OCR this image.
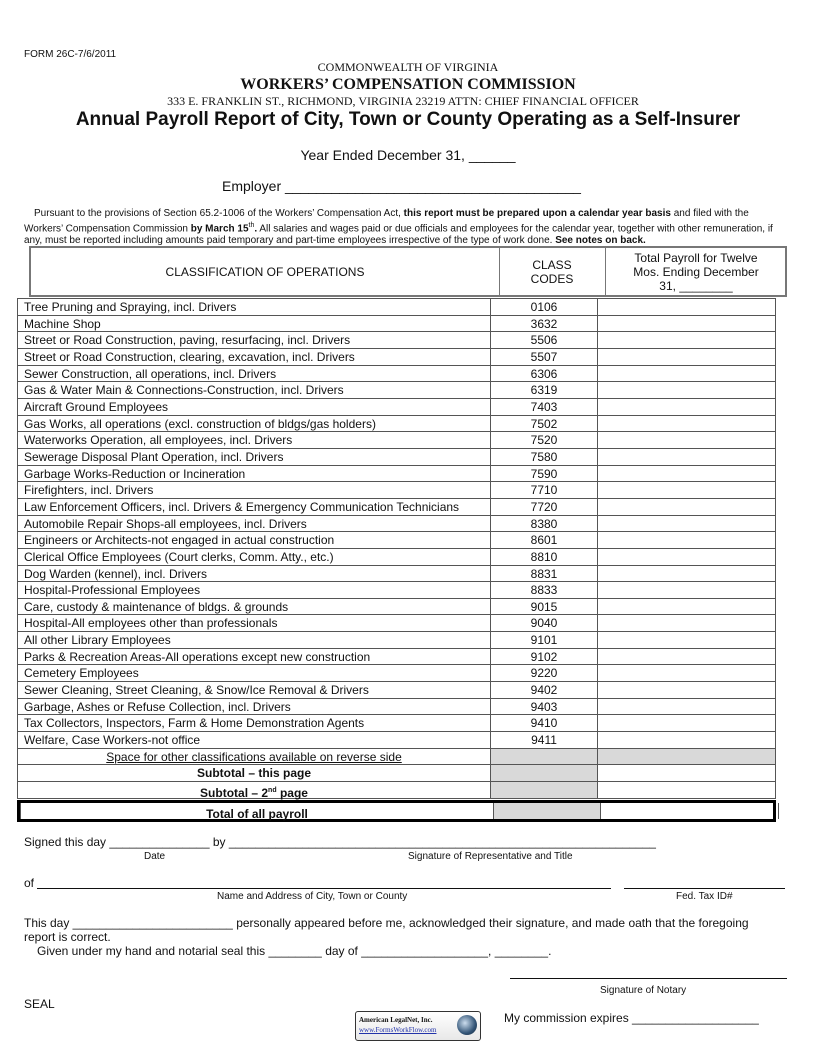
FORM 26C-7/6/2011
COMMONWEALTH OF VIRGINIA
WORKERS’ COMPENSATION COMMISSION
333 E. FRANKLIN ST., RICHMOND, VIRGINIA 23219 ATTN: CHIEF FINANCIAL OFFICER
Annual Payroll Report of City, Town or County Operating as a Self-Insurer
Year Ended December 31, ______
Employer ______________________________________
Pursuant to the provisions of Section 65.2-1006 of the Workers’ Compensation Act, this report must be prepared upon a calendar year basis and filed with the Workers’ Compensation Commission by March 15th. All salaries and wages paid or due officials and employees for the calendar year, together with other remuneration, if any, must be reported including amounts paid temporary and part-time employees irrespective of the type of work done. See notes on back.
CLASSIFICATION OF OPERATIONS	CLASS CODES
Total Payroll for Twelve Mos. Ending December 31, ________
Tree Pruning and Spraying, incl. Drivers	0106
Machine Shop	3632
Street or Road Construction, paving, resurfacing, incl. Drivers	5506
Street or Road Construction, clearing, excavation, incl. Drivers	5507
Sewer Construction, all operations, incl. Drivers	6306
Gas & Water Main & Connections-Construction, incl. Drivers	6319
Aircraft Ground Employees	7403
Gas Works, all operations (excl. construction of bldgs/gas holders)	7502
Waterworks Operation, all employees, incl. Drivers	7520
Sewerage Disposal Plant Operation, incl. Drivers	7580
Garbage Works-Reduction or Incineration	7590
Firefighters, incl. Drivers	7710
Law Enforcement Officers, incl. Drivers & Emergency Communication Technicians	7720
Automobile Repair Shops-all employees, incl. Drivers	8380
Engineers or Architects-not engaged in actual construction	8601
Clerical Office Employees (Court clerks, Comm. Atty., etc.)	8810
Dog Warden (kennel), incl. Drivers	8831
Hospital-Professional Employees	8833
Care, custody & maintenance of bldgs. & grounds	9015
Hospital-All employees other than professionals	9040
All other Library Employees	9101
Parks & Recreation Areas-All operations except new construction	9102
Cemetery Employees	9220
Sewer Cleaning, Street Cleaning, & Snow/Ice Removal & Drivers	9402
Garbage, Ashes or Refuse Collection, incl. Drivers	9403
Tax Collectors, Inspectors, Farm & Home Demonstration Agents	9410
Welfare, Case Workers-not office	9411
Space for other classifications available on reverse side
Subtotal – this page
Subtotal – 2nd page
Total of all payroll
Signed this day _______________ by ________________________________________________________________
Date	Signature of Representative and Title
of
Name and Address of City, Town or County	Fed. Tax ID#
This day ________________________ personally appeared before me, acknowledged their signature, and made oath that the foregoing
report is correct.
Given under my hand and notarial seal this ________ day of ___________________, ________.
Signature of Notary
SEAL
My commission expires ___________________
American LegalNet, Inc.
www.FormsWorkFlow.com
